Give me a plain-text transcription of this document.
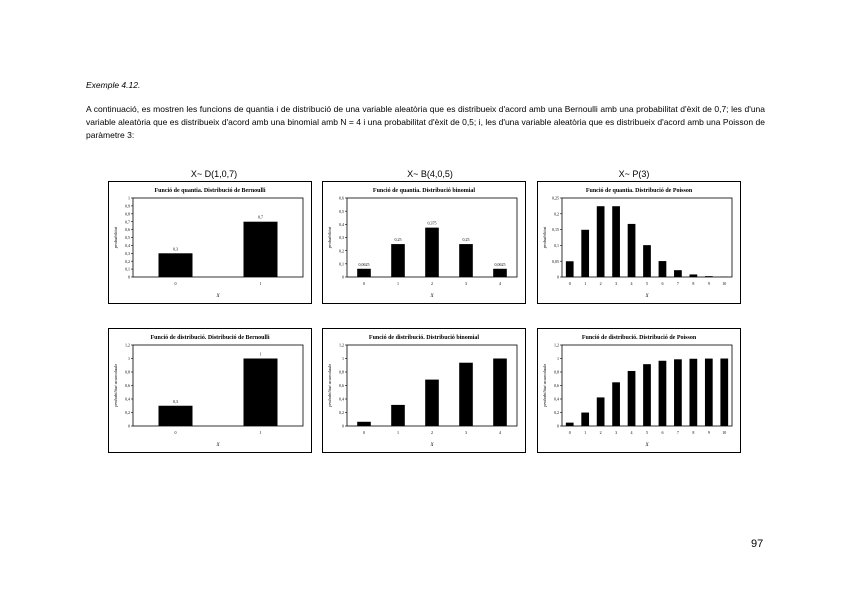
Exemple 4.12.
A continuació, es mostren les funcions de quantia i de distribució de una variable aleatòria que es distribueix d'acord amb una Bernoulli amb una probabilitat d'èxit de 0,7; les d'una variable aleatòria que es distribueix d'acord amb una binomial amb N = 4 i una probabilitat d'èxit de 0,5; i, les d'una variable aleatòria que es distribueix d'acord amb una Poisson de paràmetre 3:
X~ D(1,0,7)	X~ B(4,0,5)	X~ P(3)
Funció de quantia. Distribució de Bernoulli
0
0,1
0,2
0,3
0,4
0,5
0,6
0,7
0,8
0,9
1
0
0,3
1
0,7
X
probabilitat
Funció de quantia. Distribució binomial
0
0,1
0,2
0,3
0,4
0,5
0,6
0
0,0625
1
0,25
2
0,375
3
0,25
4
0,0625
X
probabilitat
Funció de quantia. Distribució de Poisson
0
0,05
0,1
0,15
0,2
0,25
0	1	2	3	4	5	6	7	8	9	10
X
probabilitat
Funció de distribució. Distribució de Bernoulli
0
0,2
0,4
0,6
0,8
1
1,2
0
0,3
1
1
X
probabilitat acumulada
Funció de distribució. Distribució binomial
0
0,2
0,4
0,6
0,8
1
1,2
0	1	2	3	4
X
probabilitat acumulada
Funció de distribució. Distribució de Poisson
0
0,2
0,4
0,6
0,8
1
1,2
0	1	2	3	4	5	6	7	8	9	10
X
probabilitat acumulada
97
